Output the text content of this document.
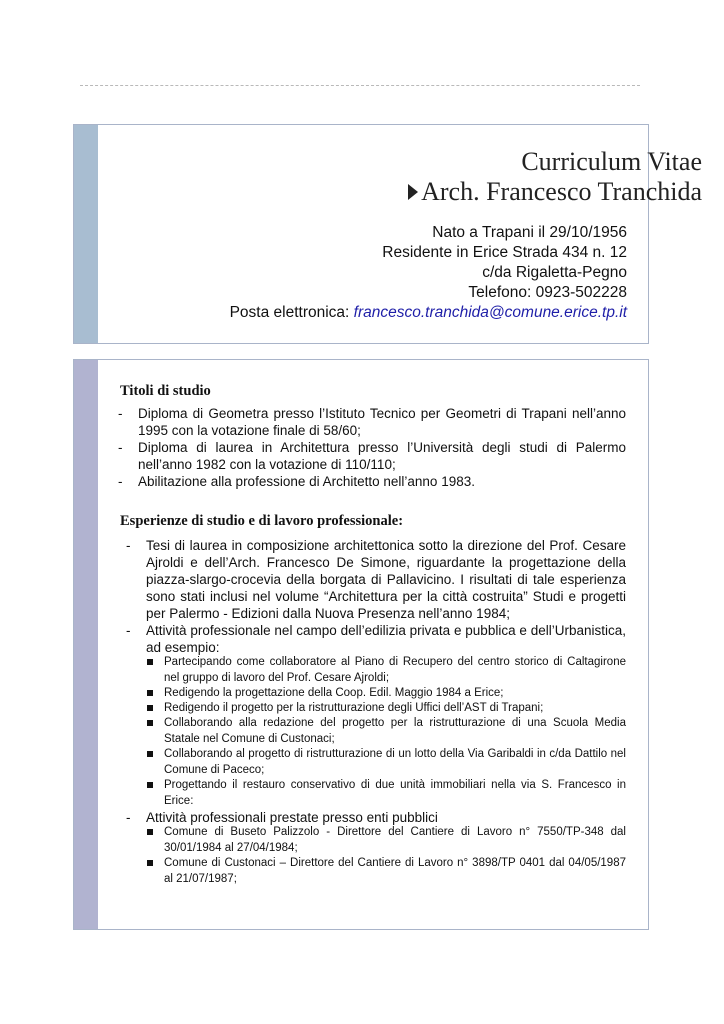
Curriculum Vitae
Arch. Francesco Tranchida
Nato a Trapani il 29/10/1956
Residente in Erice Strada 434 n. 12
c/da Rigaletta-Pegno
Telefono: 0923-502228
Posta elettronica: francesco.tranchida@comune.erice.tp.it
Titoli di studio
- Diploma di Geometra presso l’Istituto Tecnico per Geometri di Trapani nell’anno 1995 con la votazione finale di 58/60;
- Diploma di laurea in Architettura presso l’Università degli studi di Palermo nell’anno 1982 con la votazione di 110/110;
- Abilitazione alla professione di Architetto nell’anno 1983.
Esperienze di studio e di lavoro professionale:
- Tesi di laurea in composizione architettonica sotto la direzione del Prof. Cesare Ajroldi e dell’Arch. Francesco De Simone, riguardante la progettazione della piazza-slargo-crocevia della borgata di Pallavicino. I risultati di tale esperienza sono stati inclusi nel volume “Architettura per la città costruita” Studi e progetti per Palermo - Edizioni dalla Nuova Presenza nell’anno 1984;
- Attività professionale nel campo dell’edilizia privata e pubblica e dell’Urbanistica, ad esempio:
Partecipando come collaboratore al Piano di Recupero del centro storico di Caltagirone nel gruppo di lavoro del Prof. Cesare Ajroldi;
Redigendo la progettazione della Coop. Edil. Maggio 1984 a Erice;
Redigendo il progetto per la ristrutturazione degli Uffici dell’AST di Trapani;
Collaborando alla redazione del progetto per la ristrutturazione di una Scuola Media Statale nel Comune di Custonaci;
Collaborando al progetto di ristrutturazione di un lotto della Via Garibaldi in c/da Dattilo nel Comune di Paceco;
Progettando il restauro conservativo di due unità immobiliari nella via S. Francesco in Erice:
- Attività professionali prestate presso enti pubblici
Comune di Buseto Palizzolo - Direttore del Cantiere di Lavoro n° 7550/TP-348 dal 30/01/1984 al 27/04/1984;
Comune di Custonaci – Direttore del Cantiere di Lavoro n° 3898/TP 0401 dal 04/05/1987 al 21/07/1987;
